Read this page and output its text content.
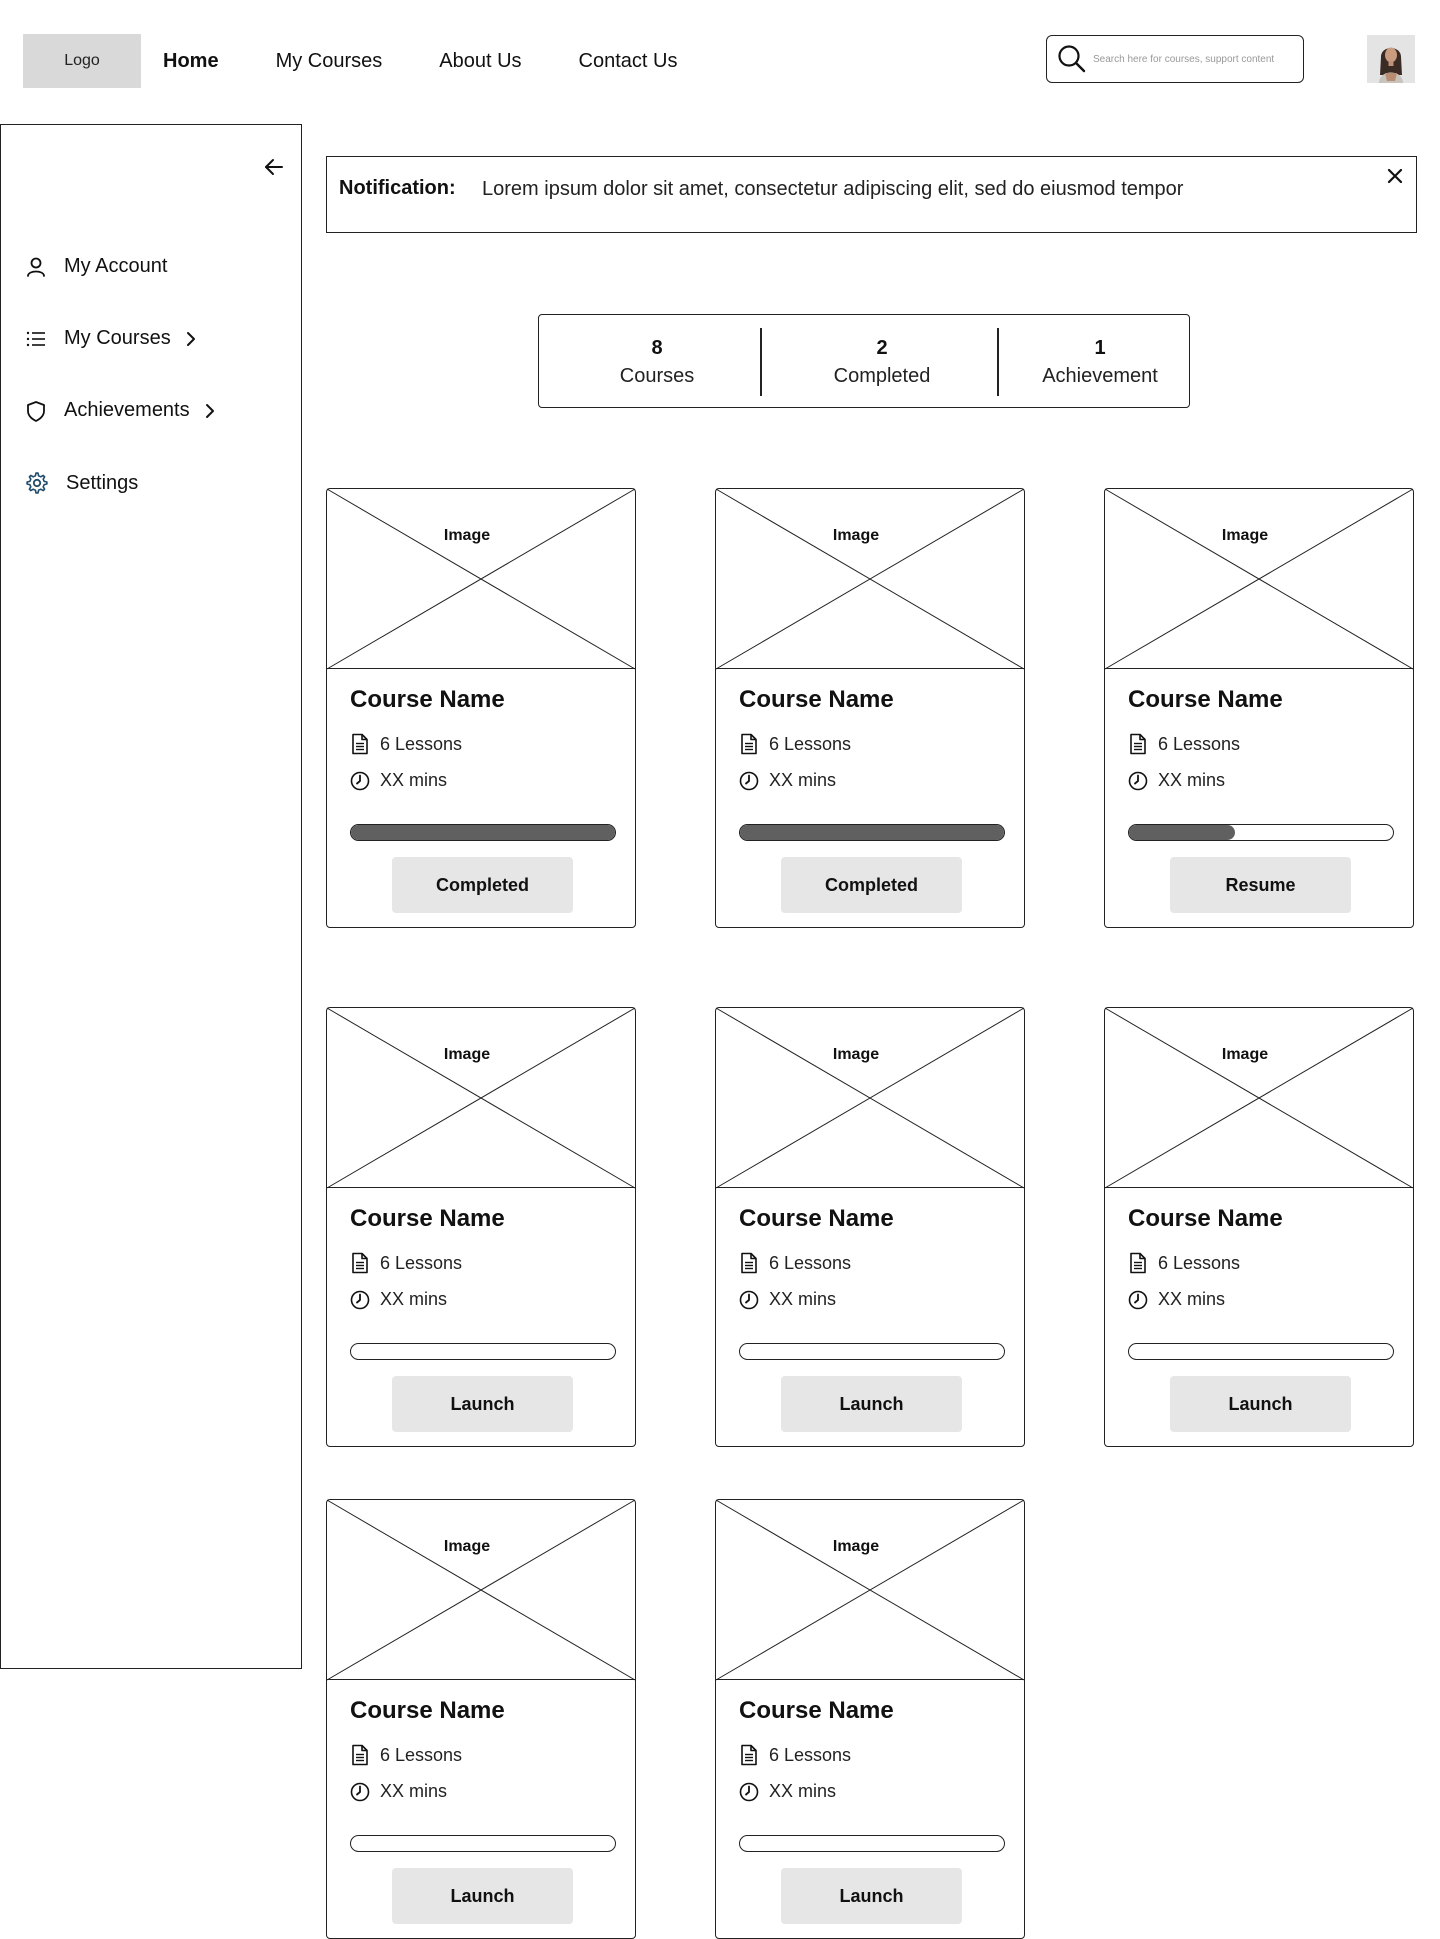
Logo	Home	My Courses	About Us	Contact Us
Search here for courses, support content
My Account
My Courses
Achievements
Settings
Notification: Lorem ipsum dolor sit amet, consectetur adipiscing elit, sed do eiusmod tempor
8
Courses
2
Completed
1
Achievement
Image
Course Name
6 Lessons
XX mins
Completed
Image
Course Name
6 Lessons
XX mins
Completed
Image
Course Name
6 Lessons
XX mins
Resume
Image
Course Name
6 Lessons
XX mins
Launch
Image
Course Name
6 Lessons
XX mins
Launch
Image
Course Name
6 Lessons
XX mins
Launch
Image
Course Name
6 Lessons
XX mins
Launch
Image
Course Name
6 Lessons
XX mins
Launch
